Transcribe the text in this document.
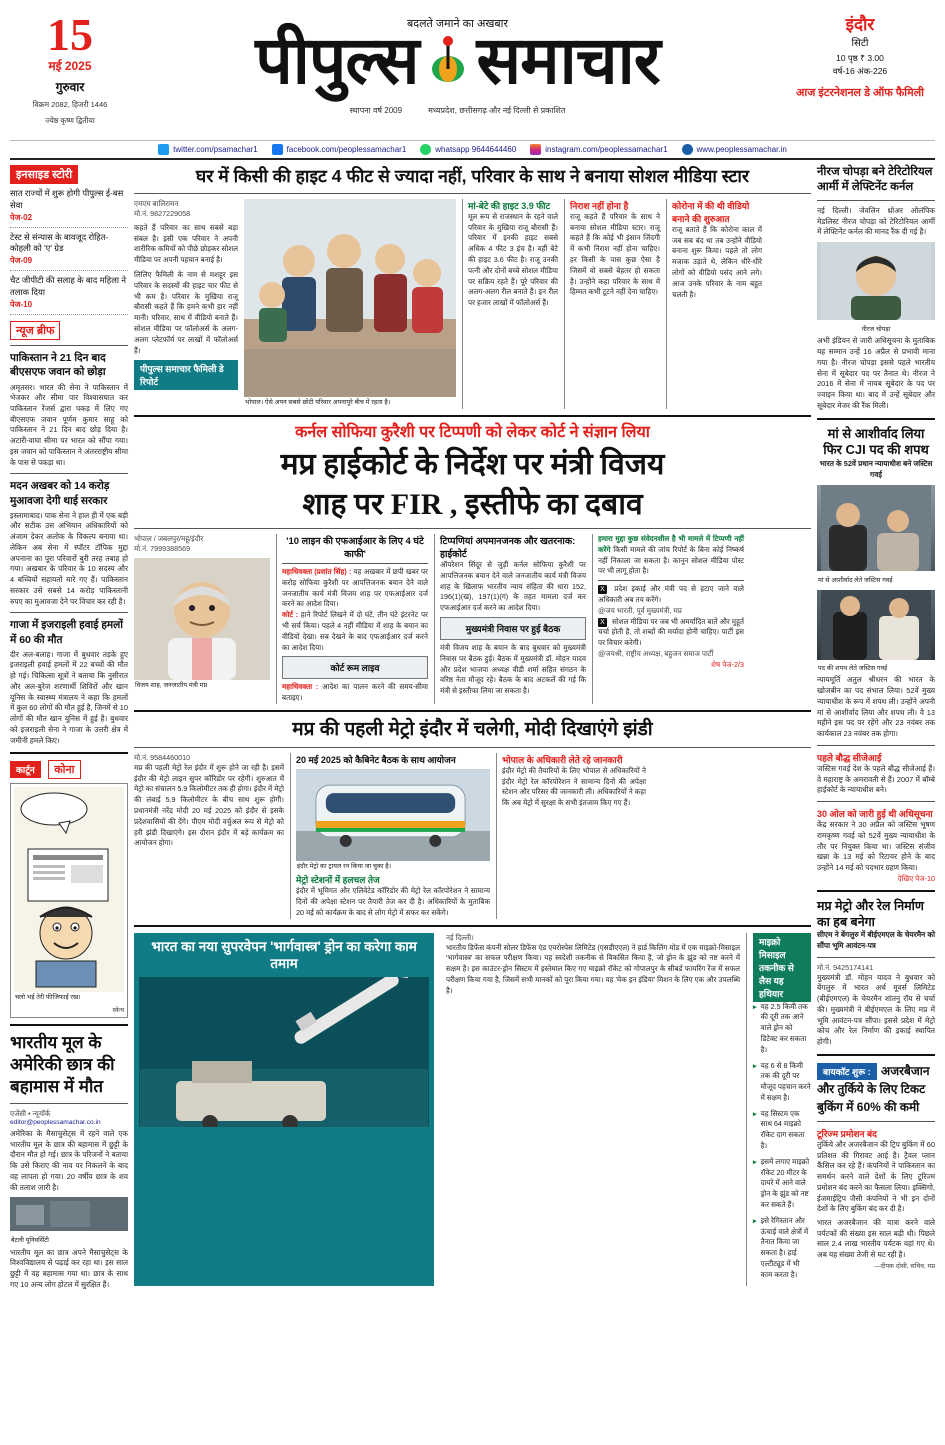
15
मई 2025
गुरुवार
विक्रम 2082, हिजरी 1446
ज्येष्ठ कृष्ण द्वितीया
बदलते जमाने का अखबार
पीपुल्स समाचार
स्थापना वर्ष 2009	मध्यप्रदेश, छत्तीसगढ़ और नई दिल्ली से प्रकाशित
इंदौर
सिटी
10 पृष्ठ ₹ 3.00
वर्ष-16 अंक-226
आज इंटरनेशनल डे ऑफ फैमिली
twitter.com/psamachar1	facebook.com/peoplessamachar1	whatsapp 9644644460	instagram.com/peoplessamachar1	www.peoplessamachar.in
इनसाइड स्टोरी
सात राज्यों में शुरू होगी पीपुल्स ई-बस सेवा
पेज-02
टेस्ट से संन्यास के बावजूद रोहित-कोहली को 'ए' ग्रेड
पेज-09
चैट जीपीटी की सलाह के बाद महिला ने तलाक दिया
पेज-10
न्यूज ब्रीफ
पाकिस्तान ने 21 दिन बाद बीएसएफ जवान को छोड़ा
अमृतसर। भारत की सेना ने पाकिस्तान में भेजकर और सीमा पार विश्वासघात कर पाकिस्तान रेंजर्स द्वारा पकड़ में लिए गए बीएसएफ जवान पूर्णम कुमार साहू को पाकिस्तान ने 21 दिन बाद छोड़ दिया है। अटारी-वाघा सीमा पर भारत को सौंपा गया। इस जवान को पाकिस्तान ने अंतरराष्ट्रीय सीमा के पास से पकड़ा था।
मदन अखबर को 14 करोड़ मुआवजा देगी थाई सरकार
इस्लामाबाद। पाक सेना ने हाल ही में एक बड़ी और सटीक उस अभियान अधिकारियों को अंजाम देकर अलोक के विकल्प बनाया था। लेकिन अब सेना में स्पॉटर टॉपिक मुद्दा अपनाना का पूरा परिवारों बुरी तरह तबाह हो गया। अखबार के परिवार के 10 सदस्य और 4 बच्चियों सहायतों मारे गए हैं। पाकिस्तान सरकार उसे सबसे 14 करोड़ पाकिस्तानी रुपए का मुआवजा देने पर विचार कर रही है।
गाजा में इजराइली हवाई हमलों में 60 की मौत
दीर अल-बलाह। गाजा में बुधवार तड़के हुए इजराइली हवाई हमलों में 22 बच्चों की मौत हो गई। चिकित्सा सूत्रों ने बताया कि नुसीरात और अल-बुरेज शरणार्थी शिविरों और खान यूनिस के स्वास्थ्य मंत्रालय ने कहा कि हमलों में कुल 60 लोगों की मौत हुई है, जिनमें से 10 लोगों की मौत खान यूनिस में हुई है। बुधवार को इजराइली सेना ने गाजा के उत्तरी क्षेत्र में जमीनी हमले किए।
कार्टून कोना
चलो भई तेरी फीजिफाई रख।
स्केच
भारतीय मूल के अमेरिकी छात्र की बहामास में मौत
एजेंसी • न्यूयॉर्क
editor@peoplessamachar.co.in
अमेरिका के मैसाचुसेट्स में रहने वाले एक भारतीय मूल के छात्र की बहामास में छुट्टी के दौरान मौत हो गई। छात्र के परिजनों ने बताया कि उसे किराए की नाव पर निकलने के बाद वह लापता हो गया। 20 वर्षीय छात्र के शव की तलाश जारी है।
बेटली यूनिवर्सिटी
भारतीय मूल का छात्र अपने मैसाचुसेट्स के विश्वविद्यालय से पढ़ाई कर रहा था। इस साल छुट्टी में वह बहामास गया था। छात्र के साथ गए 10 अन्य लोग होटल में सुरक्षित हैं।
घर में किसी की हाइट 4 फीट से ज्यादा नहीं, परिवार के साथ ने बनाया सोशल मीडिया स्टार
एमएम बालिरामन
मो.नं. 9827229058

कहते हैं परिवार का साथ सबसे बड़ा संबल है। इसी एक परिवार ने अपनी शारीरिक कमियों को पीछे छोड़कर सोशल मीडिया पर अपनी पहचान बनाई है।

लिलिए फैमिली के नाम से मशहूर इस परिवार के सदस्यों की हाइट चार फीट से भी कम है। परिवार के मुखिया राजू बौरासी कहते हैं कि हमने कभी हार नहीं मानी। परिवार, साथ में वीडियो बनाते हैं। सोशल मीडिया पर फॉलोअर्स के अलग-अलग प्लेटफॉर्म पर लाखों में फॉलोअर्स हैं।

पीपुल्स समाचार फैमिली डे रिपोर्ट
भोपाल। ऐसे अपन सबसे छोटी परिवार अपनापुरे बीच में रहता है।
मां-बेटे की हाइट 3.9 फीट
मूल रूप से राजस्थान के रहने वाले परिवार के मुखिया राजू बौरासी हैं। परिवार में इनकी हाइट सबसे अधिक 4 फीट 3 इंच है। वहीं बेटे की हाइट 3.6 फीट है। राजू उनकी पत्नी और दोनों बच्चे सोशल मीडिया पर सक्रिय रहते हैं। पूरे परिवार की अलग-अलग रील बनाते हैं। इन रील पर हजार लाखों में फॉलोअर्स हैं।
निराश नहीं होना है
राजू कहते हैं परिवार के साथ ने बनाया सोशल मीडिया स्टार। राजू कहते हैं कि कोई भी इंसान जिंदगी में कभी निराश नहीं होना चाहिए। हर किसी के पास कुछ ऐसा है जिसमें वो सबसे बेहतर हो सकता है। उन्होंने कहा परिवार के साथ में हिम्मत कभी टूटने नहीं देना चाहिए।
कोरोना में की थी वीडियो बनाने की शुरुआत
राजू बताते हैं कि कोरोना काल में जब सब बंद था तब उन्होंने वीडियो बनाना शुरू किया। पहले तो लोग मजाक उड़ाते थे, लेकिन धीरे-धीरे लोगों को वीडियो पसंद आने लगे। आज उनके परिवार के नाम बहुत चलती है।
कर्नल सोफिया कुरैशी पर टिप्पणी को लेकर कोर्ट ने संज्ञान लिया
मप्र हाईकोर्ट के निर्देश पर मंत्री विजय
शाह पर FIR , इस्तीफे का दबाव
भोपाल / जबलपुर/महू/इंदौर
मो.नं. 7999388569
विजय शाह, जनजातीय मंत्री मप्र
'10 लाइन की एफआईआर के लिए 4 घंटे काफी'
महाधिवक्ता (प्रशांत सिंह) : यह अखबार में छपी खबर पर करोड़ सोफिया कुरैशी पर आपत्तिजनक बयान देने वाले जनजातीय कार्य मंत्री विजय शाह पर एफआईआर दर्ज करने का आदेश दिया।
कोर्ट : हाने रिपोर्ट लिखने में दो घंटे, तीन घंटे इंटरनेट पर भी सर्च किया। पहले 4 नहीं मीडिया में शाह के बयान का वीडियो देखा। सब देखने के बाद एफआईआर दर्ज करने का आदेश दिया।
कोर्ट रूम लाइव
महाधिवक्ता : आदेश का पालन करने की समय-सीमा बताइए।
टिप्पणियां अपमानजनक और खतरनाक: हाईकोर्ट
ऑपरेशन सिंदूर से जुड़ी कर्नल सोफिया कुरैशी पर आपत्तिजनक बयान देने वाले जनजातीय कार्य मंत्री विजय शाह के खिलाफ भारतीय न्याय संहिता की धारा 152, 196(1)(ख), 197(1)(ग) के तहत मामला दर्ज कर एफआईआर दर्ज करने का आदेश दिया।
मुख्यमंत्री निवास पर हुई बैठक
मंत्री विजय शाह के बयान के बाद बुधवार को मुख्यमंत्री निवास पर बैठक हुई। बैठक में मुख्यमंत्री डॉ. मोहन यादव और प्रदेश भाजपा अध्यक्ष वीडी शर्मा सहित संगठन के वरिष्ठ नेता मौजूद रहे। बैठक के बाद अटकलें की गई कि मंत्री से इस्तीफा लिया जा सकता है।
हमारा मुद्दा कुछ संवेदनशील है भी मामले में टिप्पणी नहीं करेंगे किसी मामले की जांच रिपोर्ट के बिना कोई निष्कर्ष नहीं निकाला जा सकता है। कानून सोशल मीडिया पोस्ट पर भी लागू होता है।
X प्रदेश इकाई और मंत्री पद से हटाए जाने वाले अधिकारी अब तय करेंगे।
@जय भारती, पूर्व मुख्यमंत्री, मप्र
X सोशल मीडिया पर जब भी अमर्यादित बातें और मुहूर्त चर्चा होती है, तो शब्दों की मर्यादा होनी चाहिए। पार्टी इस पर विचार करेगी।
@जयश्री, राष्ट्रीय अध्यक्ष, बहुजन समाज पार्टी
शेष पेज-2/3
मप्र की पहली मेट्रो इंदौर में चलेगी, मोदी दिखाएंगे झंडी
मो.नं. 9584460010
मप्र की पहली मेट्रो रेल इंदौर में शुरू होने जा रही है। इसमें इंदौर की मेट्रो लाइन सुपर कॉरिडोर पर रहेगी। शुरुआत में मेट्रो का संचालन 5.9 किलोमीटर तक ही होगा। इंदौर में मेट्रो की लंबाई 5.9 किलोमीटर के बीच साथ शुरू होगी। प्रधानमंत्री नरेंद्र मोदी 20 मई 2025 को इंदौर से इसके प्रदेशवासियों की देंगे। पीएम मोदी वर्चुअल रूप से मेट्रो को हरी झंडी दिखाएंगे। इस दौरान इंदौर में बड़े कार्यक्रम का आयोजन होगा।
20 मई 2025 को कैबिनेट बैठक के साथ आयोजन
इंदौर मेट्रो का ट्रायल रन किया जा चुका है।
मेट्रो स्टेशनों में हलचल तेज
इंदौर में भूमिगत और एलिवेटेड कॉरिडोर की मेट्रो रेल कॉरपोरेशन ने सामान्य दिनों की अपेक्षा स्टेशन पर तैयारी तेज कर दी है। अधिकारियों के मुताबिक 20 मई को कार्यक्रम के बाद से लोग मेट्रो में सफर कर सकेंगे।
भोपाल के अधिकारी लेते रहे जानकारी
इंदौर मेट्रो की तैयारियों के लिए भोपाल से अधिकारियों ने इंदौर मेट्रो रेल कॉरपोरेशन ने सामान्य दिनों की अपेक्षा स्टेशन और परिसर की जानकारी ली। अधिकारियों ने कहा कि अब मेट्रो में सुरक्षा के सभी इंतजाम किए गए हैं।
भारत का नया सुपरवेपन 'भार्गवास्त्र' ड्रोन का करेगा काम तमाम
नई दिल्ली।
भारतीय डिफेंस कंपनी सोलर डिफेंस एंड एयरोस्पेस लिमिटेड (एसडीएएल) ने हार्ड किलिंग मोड में एक माइक्रो-मिसाइल 'भार्गवास्त्र' का सफल परीक्षण किया। यह स्वदेशी तकनीक से विकसित किया है, जो ड्रोन के झुंड को नष्ट करने में सक्षम है। इस काउंटर-ड्रोन सिस्टम में इस्तेमाल किए गए माइक्रो रॉकेट को गोपालपुर के सीबर्ड फायरिंग रेंज में सफल परीक्षण किया गया है, जिसमें सभी मानकों को पूरा किया गया। यह 'मेक इन इंडिया' मिशन के लिए एक और उपलब्धि है।
माइक्रो मिसाइल तकनीक से लैस यह हथियार
▸ यह 2.5 किमी तक की दूरी तक आने वाले ड्रोन को डिटेक्ट कर सकता है।
▸ यह 6 से 8 किमी तक की दूरी पर मौजूद पहचान करने में सक्षम है।
▸ यह सिस्टम एक साथ 64 माइक्रो रॉकेट दाग सकता है।
▸ इसमें लगाए माइक्रो रॉकेट 20 मीटर के दायरे में आने वाले ड्रोन के झुंड को नष्ट कर सकते हैं।
▸ इसे रेगिस्तान और ऊंचाई वाले क्षेत्रों में तैनात किया जा सकता है। हाई एल्टीट्यूड में भी काम करता है।
नीरज चोपड़ा बने टेरिटोरियल आर्मी में लेफ्टिनेंट कर्नल
नई दिल्ली। जेवलिन थ्रोअर ओलंपिक मेडलिस्ट नीरज चोपड़ा को टेरिटोरियल आर्मी में लेफ्टिनेंट कर्नल की मानद रैंक दी गई है।
नीरज चोपड़ा
अभी इंडियन से जारी अधिसूचना के मुताबिक यह सम्मान उन्हें 16 अप्रैल से प्रभावी माना गया है। नीरज चोपड़ा इससे पहले भारतीय सेना में सूबेदार पद पर तैनात थे। नीरज ने 2016 में सेना में नायब सूबेदार के पद पर ज्वाइन किया था। बाद में उन्हें सूबेदार और सूबेदार मेजर की रैंक मिली।
मां से आशीर्वाद लिया फिर CJI पद की शपथ
भारत के 52वें प्रधान न्यायाधीश बने जस्टिस गवई
मां से आशीर्वाद लेते जस्टिस गवई
पद की शपथ लेते जस्टिस गवई
न्यायमूर्ति अतुल श्रीधरन की भारत के खोजबीन का पद संभाल लिया। 52वें मुख्य न्यायाधीश के रूप में शपथ ली। उन्होंने अपनी मां से आशीर्वाद लिया और शपथ ली। वे 13 महीने इस पद पर रहेंगे और 23 नवंबर तक कार्यकाल 23 नवंबर तक होगा।
पहले बौद्ध सीजेआई
जस्टिस गवई देश के पहले बौद्ध सीजेआई हैं। वे महाराष्ट्र के अमरावती से हैं। 2007 में बॉम्बे हाईकोर्ट के न्यायाधीश बने।
30 ओल को जारी हुई थी अधिसूचना
केंद्र सरकार ने 30 अप्रैल को जस्टिस भूषण रामकृष्ण गवई को 52वें मुख्य न्यायाधीश के तौर पर नियुक्त किया था। जस्टिस संजीव खन्ना के 13 मई को रिटायर होने के बाद उन्होंने 14 मई को पदभार ग्रहण किया।
देखिए पेज-10
मप्र मेट्रो और रेल निर्माण का हब बनेगा
सीएम ने बेंगलुरु में बीईएमएल के चेयरमैन को सौंपा भूमि आवंटन-पत्र
मो.नं. 9425174141
मुख्यमंत्री डॉ. मोहन यादव ने बुधवार को बेंगलुरु में भारत अर्थ मूवर्स लिमिटेड (बीईएमएल) के चेयरमैन शांतनु रॉय से चर्चा की। मुख्यमंत्री ने बीईएमएल के लिए मप्र में भूमि आवंटन-पत्र सौंपा। इससे प्रदेश में मेट्रो कोच और रेल निर्माण की इकाई स्थापित होगी।
बायकॉट शुरू : अजरबैजान और तुर्किये के लिए टिकट बुकिंग में 60% की कमी
टूरिज्म प्रमोशन बंद
तुर्किये और अजरबैजान की ट्रिप बुकिंग में 60 प्रतिशत की गिरावट आई है। ट्रैवल प्लान कैंसिल कर रहे हैं। कंपनियों ने पाकिस्तान का समर्थन करने वाले देशों के लिए टूरिज्म प्रमोशन बंद करने का फैसला लिया। इक्सिगो, ईजमाईट्रिप जैसी कंपनियों ने भी इन दोनों देशों के लिए बुकिंग बंद कर दी है।
भारत अजरबैजान की यात्रा करने वाले पर्यटकों की संख्या इस साल बढ़ी थी। पिछले साल 2.4 लाख भारतीय पर्यटक वहां गए थे। अब यह संख्या तेजी से घट रही है।
—दीपक दोसी, सचिव, मप्र
